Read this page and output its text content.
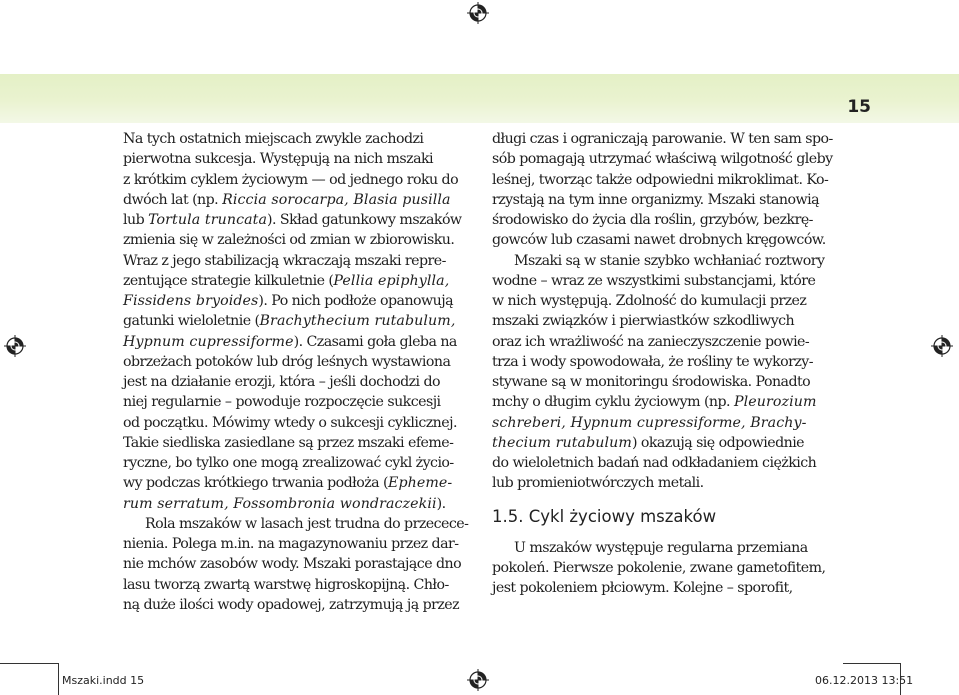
15
Na tych ostatnich miejscach zwykle zachodzi
pierwotna sukcesja. Występują na nich mszaki
z krótkim cyklem życiowym — od jednego roku do
dwóch lat (np. Riccia sorocarpa, Blasia pusilla
lub Tortula truncata). Skład gatunkowy mszaków
zmienia się w zależności od zmian w zbiorowisku.
Wraz z jego stabilizacją wkraczają mszaki repre-
zentujące strategie kilkuletnie (Pellia epiphylla,
Fissidens bryoides). Po nich podłoże opanowują
gatunki wieloletnie (Brachythecium rutabulum,
Hypnum cupressiforme). Czasami goła gleba na
obrzeżach potoków lub dróg leśnych wystawiona
jest na działanie erozji, która – jeśli dochodzi do
niej regularnie – powoduje rozpoczęcie sukcesji
od początku. Mówimy wtedy o sukcesji cyklicznej.
Takie siedliska zasiedlane są przez mszaki efeme-
ryczne, bo tylko one mogą zrealizować cykl życio-
wy podczas krótkiego trwania podłoża (Epheme-
rum serratum, Fossombronia wondraczekii).
Rola mszaków w lasach jest trudna do przecece-
nienia. Polega m.in. na magazynowaniu przez dar-
nie mchów zasobów wody. Mszaki porastające dno
lasu tworzą zwartą warstwę higroskopijną. Chło-
ną duże ilości wody opadowej, zatrzymują ją przez
długi czas i ograniczają parowanie. W ten sam spo-
sób pomagają utrzymać właściwą wilgotność gleby
leśnej, tworząc także odpowiedni mikroklimat. Ko-
rzystają na tym inne organizmy. Mszaki stanowią
środowisko do życia dla roślin, grzybów, bezkrę-
gowców lub czasami nawet drobnych kręgowców.
Mszaki są w stanie szybko wchłaniać roztwory
wodne – wraz ze wszystkimi substancjami, które
w nich występują. Zdolność do kumulacji przez
mszaki związków i pierwiastków szkodliwych
oraz ich wrażliwość na zanieczyszczenie powie-
trza i wody spowodowała, że rośliny te wykorzy-
stywane są w monitoringu środowiska. Ponadto
mchy o długim cyklu życiowym (np. Pleurozium
schreberi, Hypnum cupressiforme, Brachy-
thecium rutabulum) okazują się odpowiednie
do wieloletnich badań nad odkładaniem ciężkich
lub promieniotwórczych metali.
1.5. Cykl życiowy mszaków
U mszaków występuje regularna przemiana
pokoleń. Pierwsze pokolenie, zwane gametofitem,
jest pokoleniem płciowym. Kolejne – sporofit,
Mszaki.indd 15	06.12.2013 13:51
